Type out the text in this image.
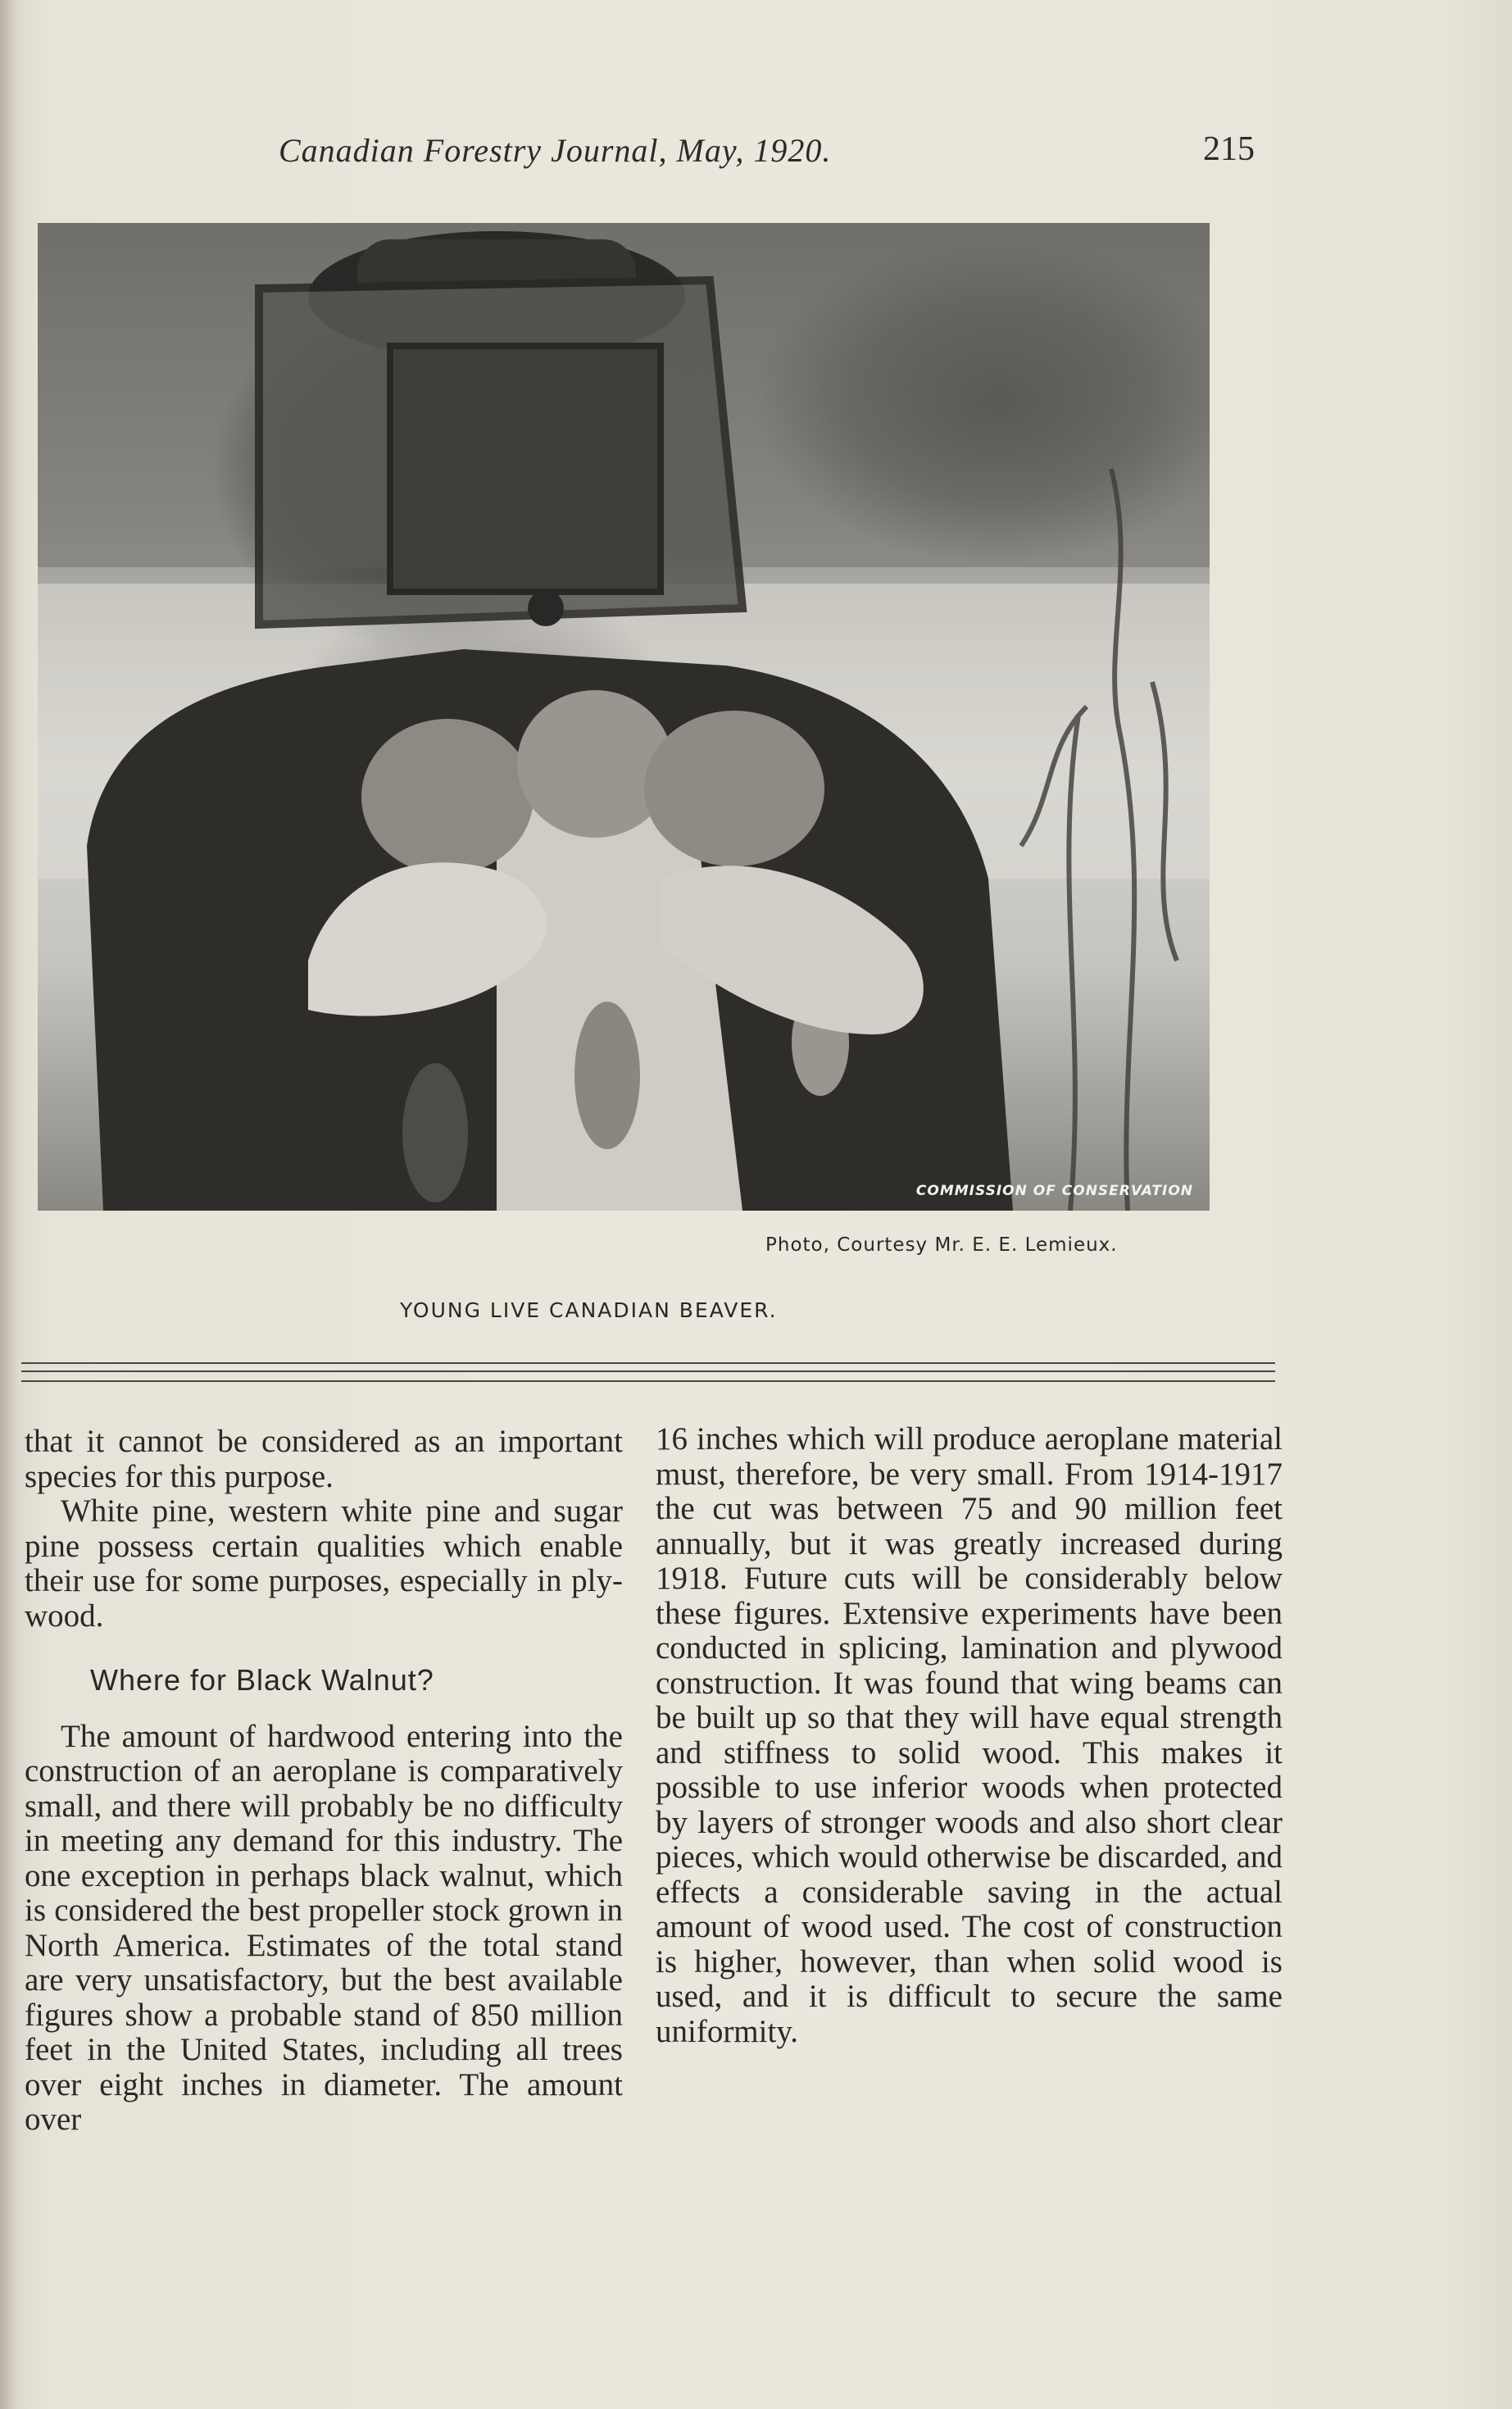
Canadian Forestry Journal, May, 1920.	215
COMMISSION OF CONSERVATION
Photo, Courtesy Mr. E. E. Lemieux.
YOUNG LIVE CANADIAN BEAVER.

that it cannot be considered as an important species for this purpose.

White pine, western white pine and sugar pine possess certain qualities which enable their use for some purposes, especially in ply-wood.

Where for Black Walnut?

The amount of hardwood entering into the construction of an aeroplane is comparatively small, and there will probably be no difficulty in meeting any demand for this industry. The one exception in perhaps black walnut, which is considered the best propeller stock grown in North America. Estimates of the total stand are very unsatisfactory, but the best available figures show a probable stand of 850 million feet in the United States, including all trees over eight inches in diameter. The amount over

16 inches which will produce aeroplane material must, therefore, be very small. From 1914-1917 the cut was between 75 and 90 million feet annually, but it was greatly increased during 1918. Future cuts will be considerably below these figures. Extensive experiments have been conducted in splicing, lamination and plywood construction. It was found that wing beams can be built up so that they will have equal strength and stiffness to solid wood. This makes it possible to use inferior woods when protected by layers of stronger woods and also short clear pieces, which would otherwise be discarded, and effects a considerable saving in the actual amount of wood used. The cost of construction is higher, however, than when solid wood is used, and it is difficult to secure the same uniformity.
